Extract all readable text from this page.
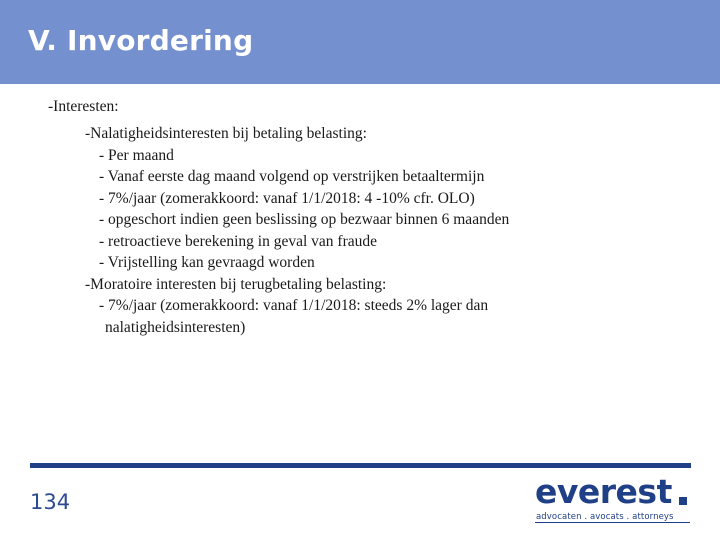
V. Invordering
-Interesten:
-Nalatigheidsinteresten bij betaling belasting:
- Per maand
- Vanaf eerste dag maand volgend op verstrijken betaaltermijn
- 7%/jaar (zomerakkoord: vanaf 1/1/2018: 4 -10% cfr. OLO)
- opgeschort indien geen beslissing op bezwaar binnen 6 maanden
- retroactieve berekening in geval van fraude
- Vrijstelling kan gevraagd worden
-Moratoire interesten bij terugbetaling belasting:
- 7%/jaar (zomerakkoord: vanaf 1/1/2018: steeds 2% lager dan
nalatigheidsinteresten)
134	everest
advocaten . avocats . attorneys
